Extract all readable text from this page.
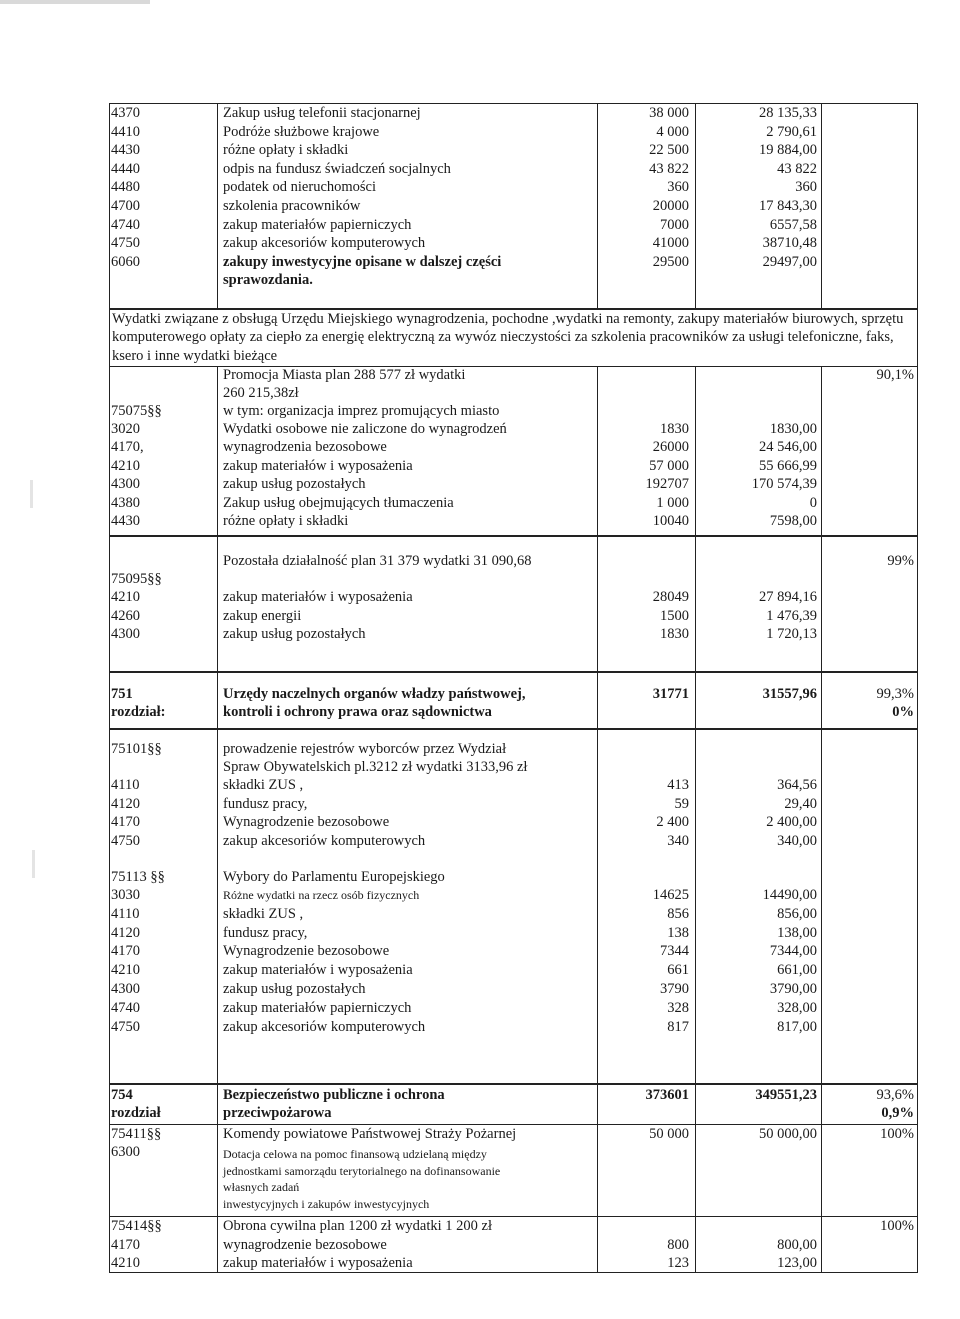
4370	Zakup usług telefonii stacjonarnej	38 000	28 135,33
4410	Podróże służbowe krajowe	4 000	2 790,61
4430	różne opłaty i składki	22 500	19 884,00
4440	odpis na fundusz świadczeń socjalnych	43 822	43 822
4480	podatek od nieruchomości	360	360
4700	szkolenia pracowników	20000	17 843,30
4740	zakup materiałów papierniczych	7000	6557,58
4750	zakup akcesoriów komputerowych	41000	38710,48
6060	zakupy inwestycyjne opisane w dalszej części	29500	29497,00
sprawozdania.
Wydatki związane z obsługą Urzędu Miejskiego wynagrodzenia, pochodne ,wydatki na remonty, zakupy materiałów biurowych, sprzętu komputerowego opłaty za ciepło za energię elektryczną za wywóz nieczystości za szkolenia pracowników za usługi telefoniczne, faks, ksero i inne wydatki bieżące
Promocja Miasta plan 288 577 zł wydatki	90,1%
260 215,38zł
75075§§	w tym: organizacja imprez promujących miasto
3020	Wydatki osobowe nie zaliczone do wynagrodzeń	1830	1830,00
4170,	wynagrodzenia bezosobowe	26000	24 546,00
4210	zakup materiałów i wyposażenia	57 000	55 666,99
4300	zakup usług pozostałych	192707	170 574,39
4380	Zakup usług obejmujących tłumaczenia	1 000	0
4430	różne opłaty i składki	10040	7598,00
Pozostała działalność plan 31 379 wydatki 31 090,68	99%
75095§§
4210	zakup materiałów i wyposażenia	28049	27 894,16
4260	zakup energii	1500	1 476,39
4300	zakup usług pozostałych	1830	1 720,13
751	Urzędy naczelnych organów władzy państwowej,	31771	31557,96	99,3%
rozdział:	kontroli i ochrony prawa oraz sądownictwa	0%
75101§§	prowadzenie rejestrów wyborców przez Wydział
Spraw Obywatelskich pl.3212 zł wydatki 3133,96 zł
4110	składki ZUS ,	413	364,56
4120	fundusz pracy,	59	29,40
4170	Wynagrodzenie bezosobowe	2 400	2 400,00
4750	zakup akcesoriów komputerowych	340	340,00
75113 §§	Wybory do Parlamentu Europejskiego
3030	Różne wydatki na rzecz osób fizycznych	14625	14490,00
4110	składki ZUS ,	856	856,00
4120	fundusz pracy,	138	138,00
4170	Wynagrodzenie bezosobowe	7344	7344,00
4210	zakup materiałów i wyposażenia	661	661,00
4300	zakup usług pozostałych	3790	3790,00
4740	zakup materiałów papierniczych	328	328,00
4750	zakup akcesoriów komputerowych	817	817,00
754	Bezpieczeństwo publiczne i ochrona	373601	349551,23	93,6%
rozdział	przeciwpożarowa	0,9%
75411§§	Komendy powiatowe Państwowej Straży Pożarnej	50 000	50 000,00	100%
6300	Dotacja celowa na pomoc finansową udzielaną między
jednostkami samorządu terytorialnego na dofinansowanie
własnych zadań
inwestycyjnych i zakupów inwestycyjnych
75414§§	Obrona cywilna plan 1200 zł wydatki 1 200 zł	100%
4170	wynagrodzenie bezosobowe	800	800,00
4210	zakup materiałów i wyposażenia	123	123,00
